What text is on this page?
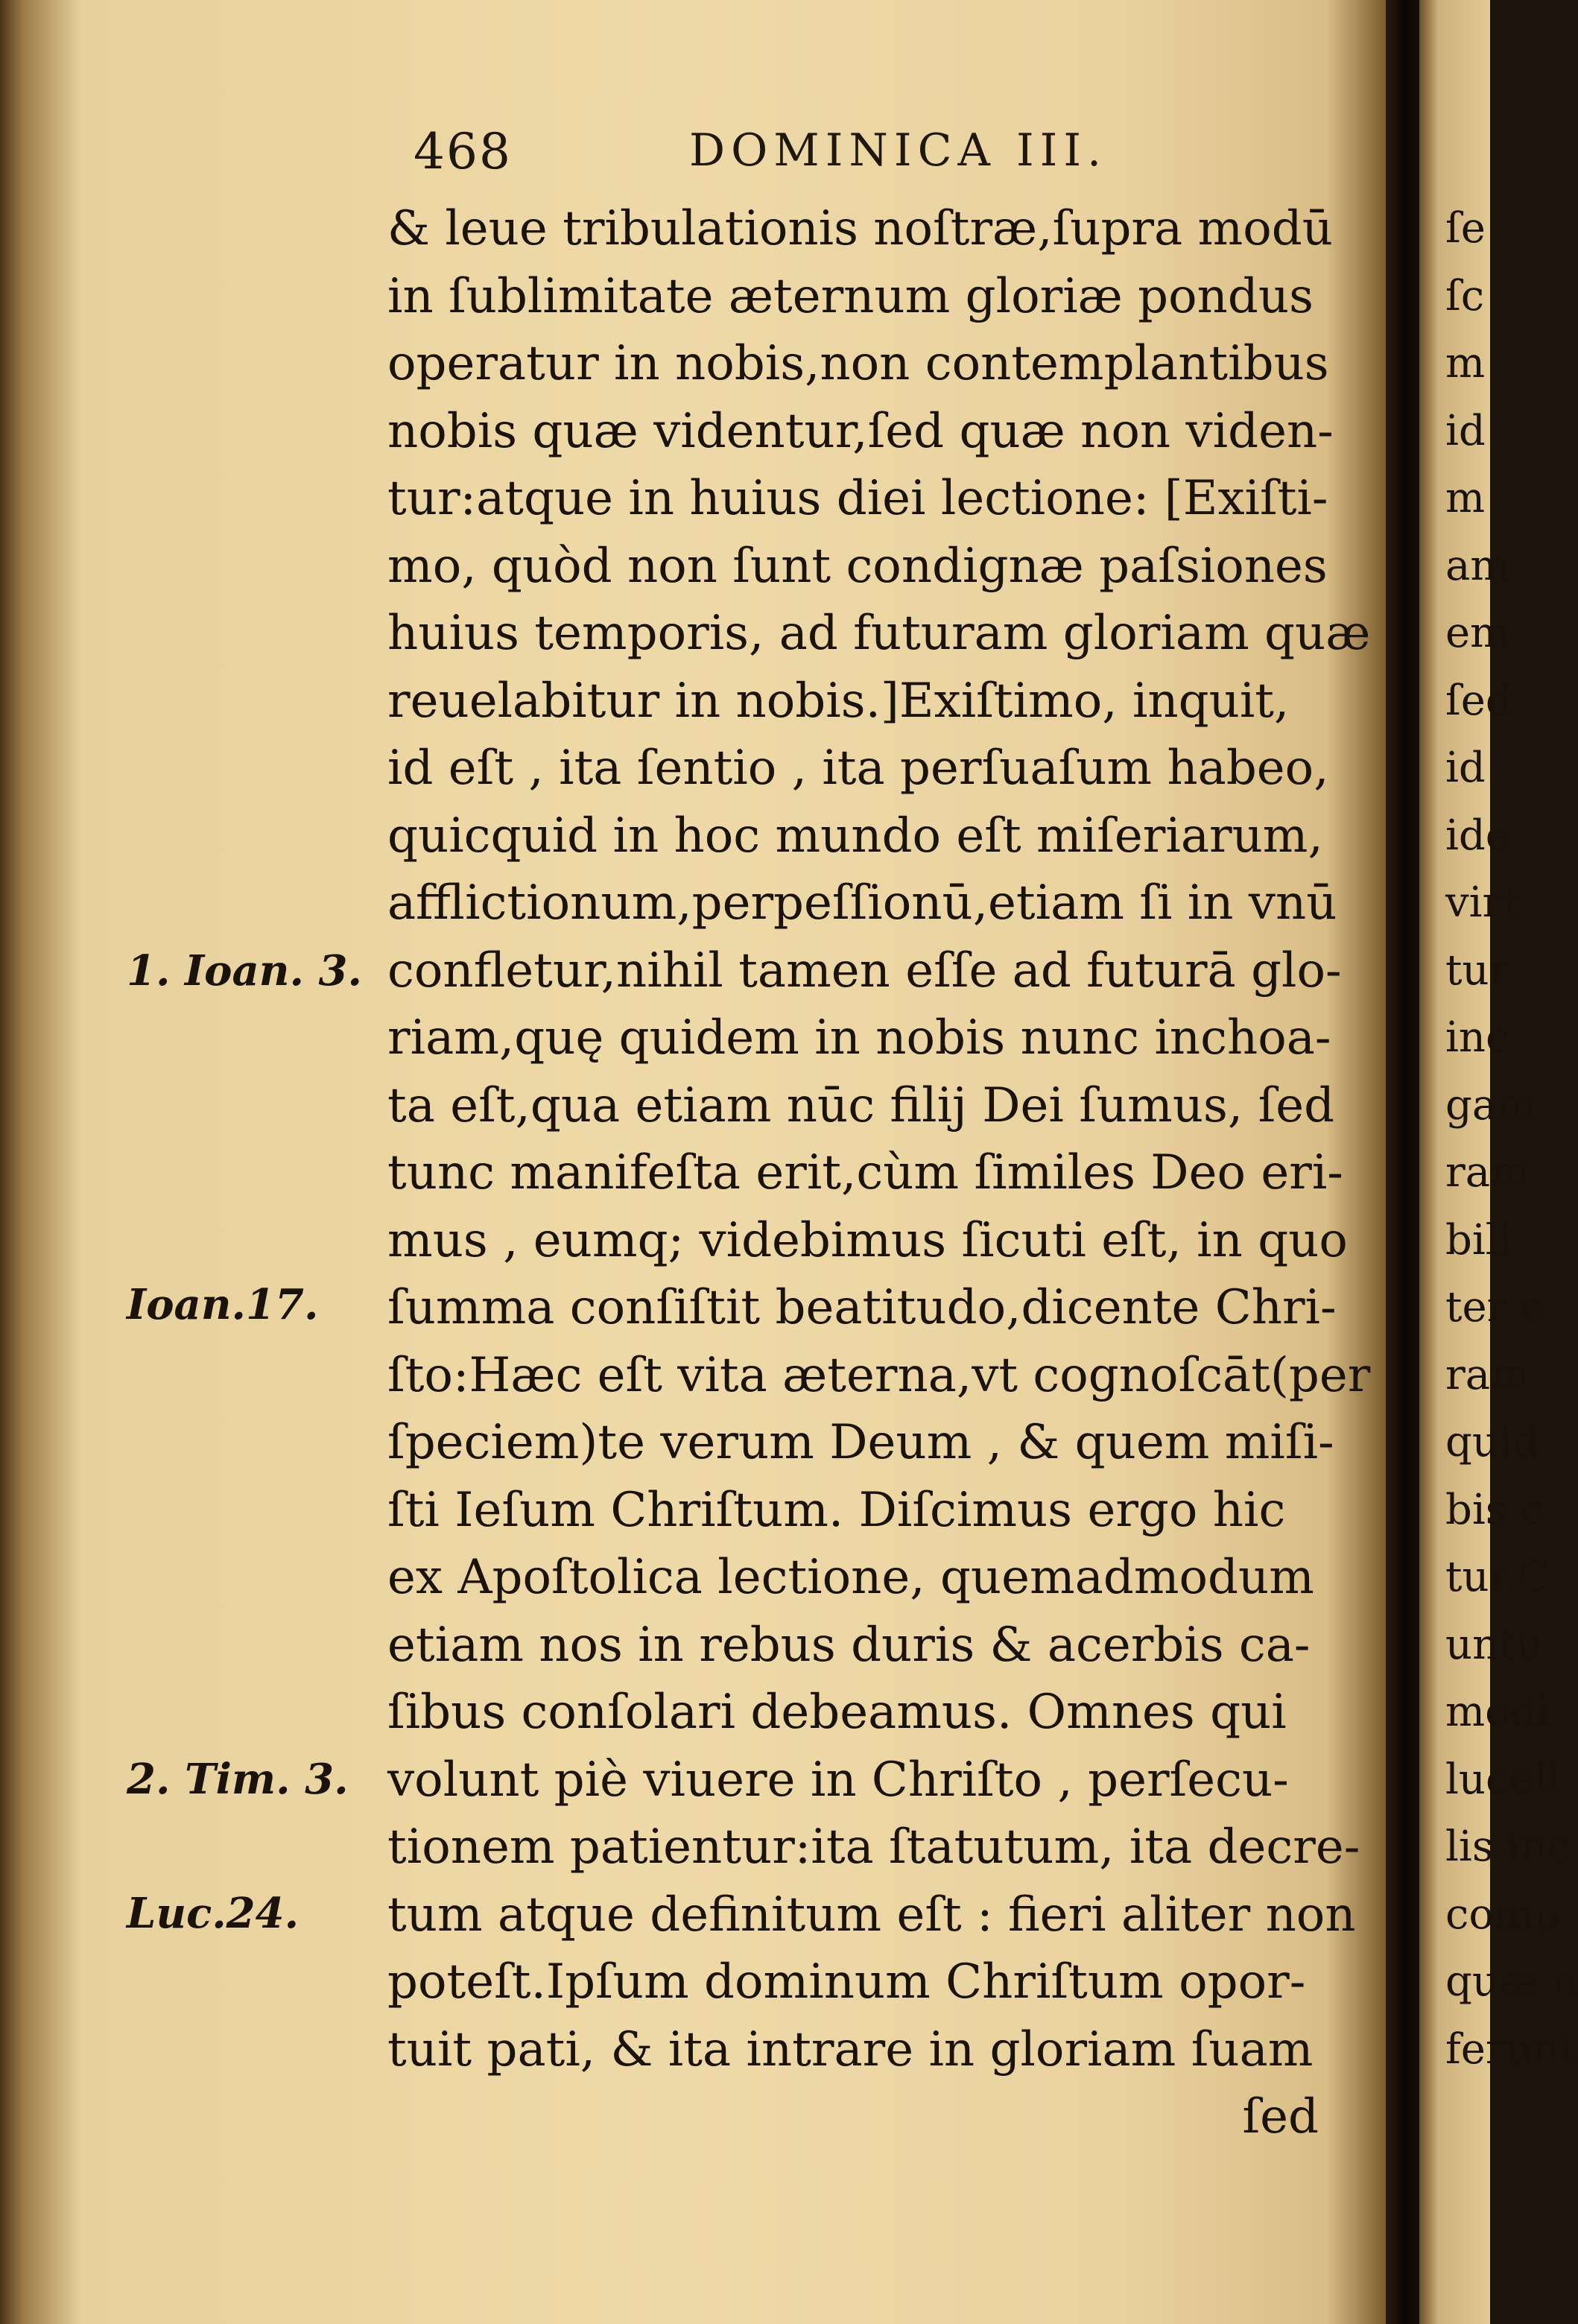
468	DOMINICA III.
1. Ioan. 3.
Ioan.17.
2. Tim. 3.
Luc.24.
& leue tribulationis noſtræ,ſupra modū
in ſublimitate æternum gloriæ pondus
operatur in nobis,non contemplantibus
nobis quæ videntur,ſed quæ non viden-
tur:atque in huius diei lectione: [Exiſti-
mo, quòd non ſunt condignæ paſsiones
huius temporis, ad futuram gloriam quæ
reuelabitur in nobis.]Exiſtimo, inquit,
id eſt , ita ſentio , ita perſuaſum habeo,
quicquid in hoc mundo eſt miſeriarum,
afflictionum,perpeſſionū,etiam ſi in vnū
confletur,nihil tamen eſſe ad futurā glo-
riam,quę quidem in nobis nunc inchoa-
ta eſt,qua etiam nūc filij Dei ſumus, ſed
tunc manifeſta erit,cùm ſimiles Deo eri-
mus , eumq; videbimus ſicuti eſt, in quo
ſumma conſiſtit beatitudo,dicente Chri-
ſto:Hæc eſt vita æterna,vt cognoſcāt(per
ſpeciem)te verum Deum , & quem miſi-
ſti Ieſum Chriſtum. Diſcimus ergo hic
ex Apoſtolica lectione, quemadmodum
etiam nos in rebus duris & acerbis ca-
ſibus conſolari debeamus. Omnes qui
volunt piè viuere in Chriſto , perſecu-
tionem patientur:ita ſtatutum, ita decre-
tum atque definitum eſt : fieri aliter non
poteſt.Ipſum dominum Chriſtum opor-
tuit pati, & ita intrare in gloriam ſuam
ſed
ſe
ſc
m
id
m
am
em
ſed
id
ide
virt
tur
inc
gam
ram
bili
ter e
ram
quid
bis c
tur.C
untu
modi
lucell
lis inc
comp
quæ n
ferunt
